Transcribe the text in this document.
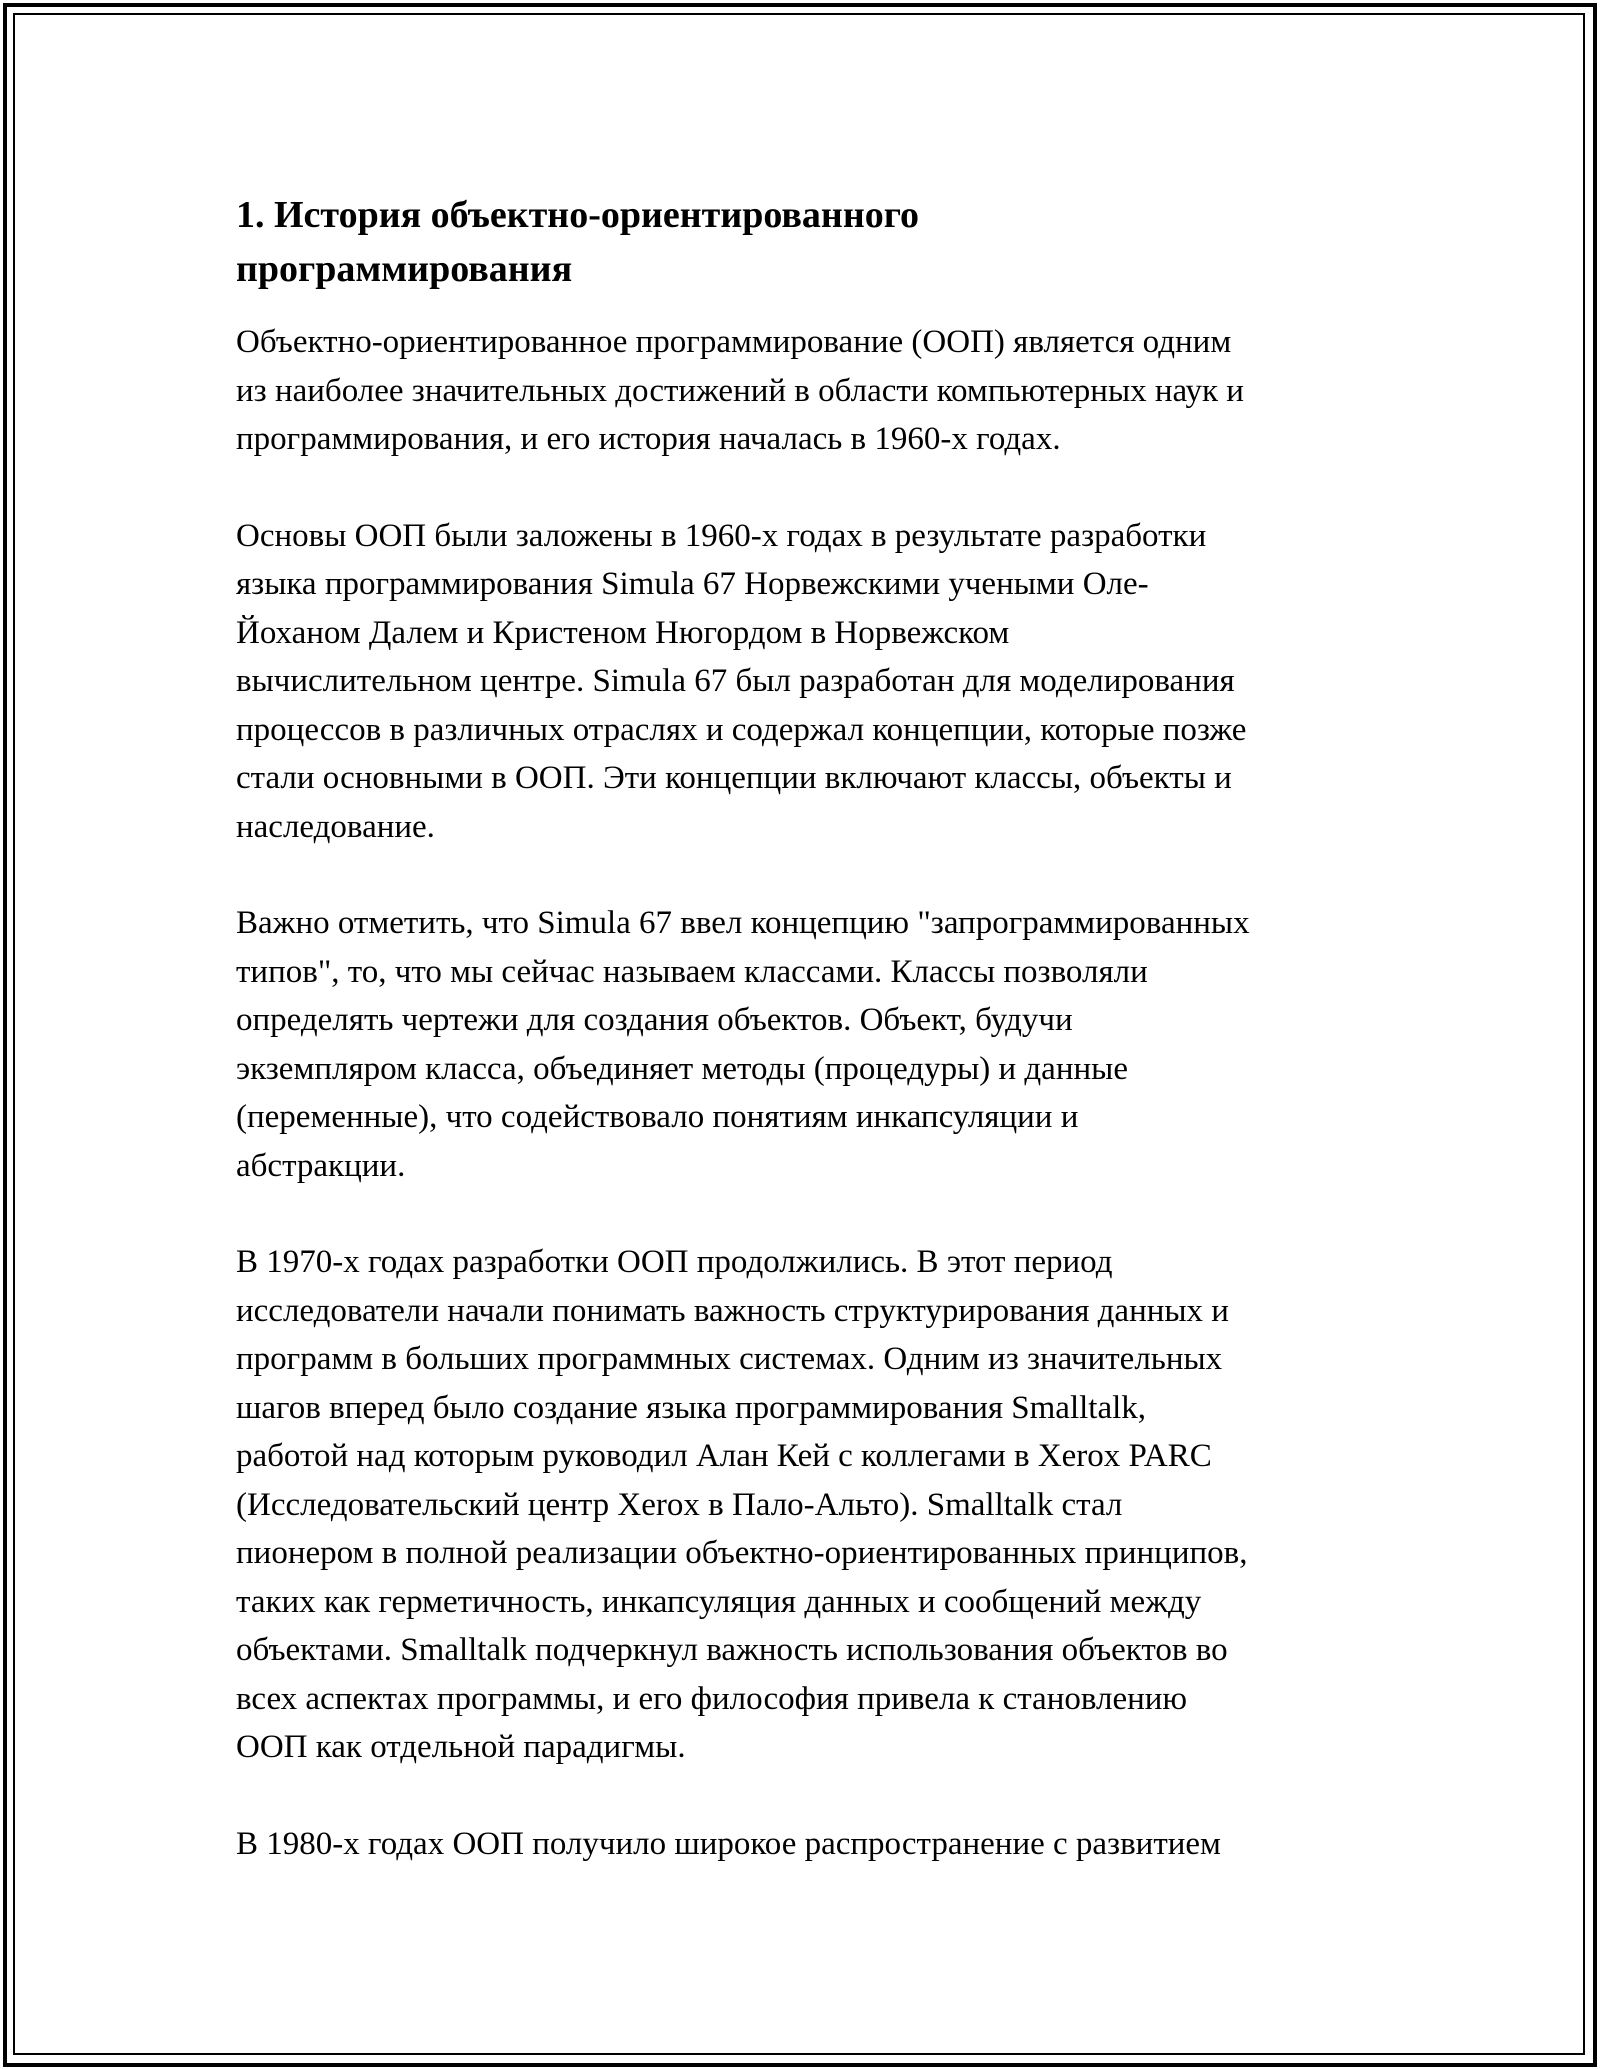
1. История объектно-ориентированного программирования
Объектно-ориентированное программирование (ООП) является одним
из наиболее значительных достижений в области компьютерных наук и
программирования, и его история началась в 1960-х годах.
Основы ООП были заложены в 1960-х годах в результате разработки
языка программирования Simula 67 Норвежскими учеными Оле-
Йоханом Далем и Кристеном Нюгордом в Норвежском
вычислительном центре. Simula 67 был разработан для моделирования
процессов в различных отраслях и содержал концепции, которые позже
стали основными в ООП. Эти концепции включают классы, объекты и
наследование.
Важно отметить, что Simula 67 ввел концепцию "запрограммированных
типов", то, что мы сейчас называем классами. Классы позволяли
определять чертежи для создания объектов. Объект, будучи
экземпляром класса, объединяет методы (процедуры) и данные
(переменные), что содействовало понятиям инкапсуляции и
абстракции.
В 1970-х годах разработки ООП продолжились. В этот период
исследователи начали понимать важность структурирования данных и
программ в больших программных системах. Одним из значительных
шагов вперед было создание языка программирования Smalltalk,
работой над которым руководил Алан Кей с коллегами в Xerox PARC
(Исследовательский центр Xerox в Пало-Альто). Smalltalk стал
пионером в полной реализации объектно-ориентированных принципов,
таких как герметичность, инкапсуляция данных и сообщений между
объектами. Smalltalk подчеркнул важность использования объектов во
всех аспектах программы, и его философия привела к становлению
ООП как отдельной парадигмы.
В 1980-х годах ООП получило широкое распространение с развитием
